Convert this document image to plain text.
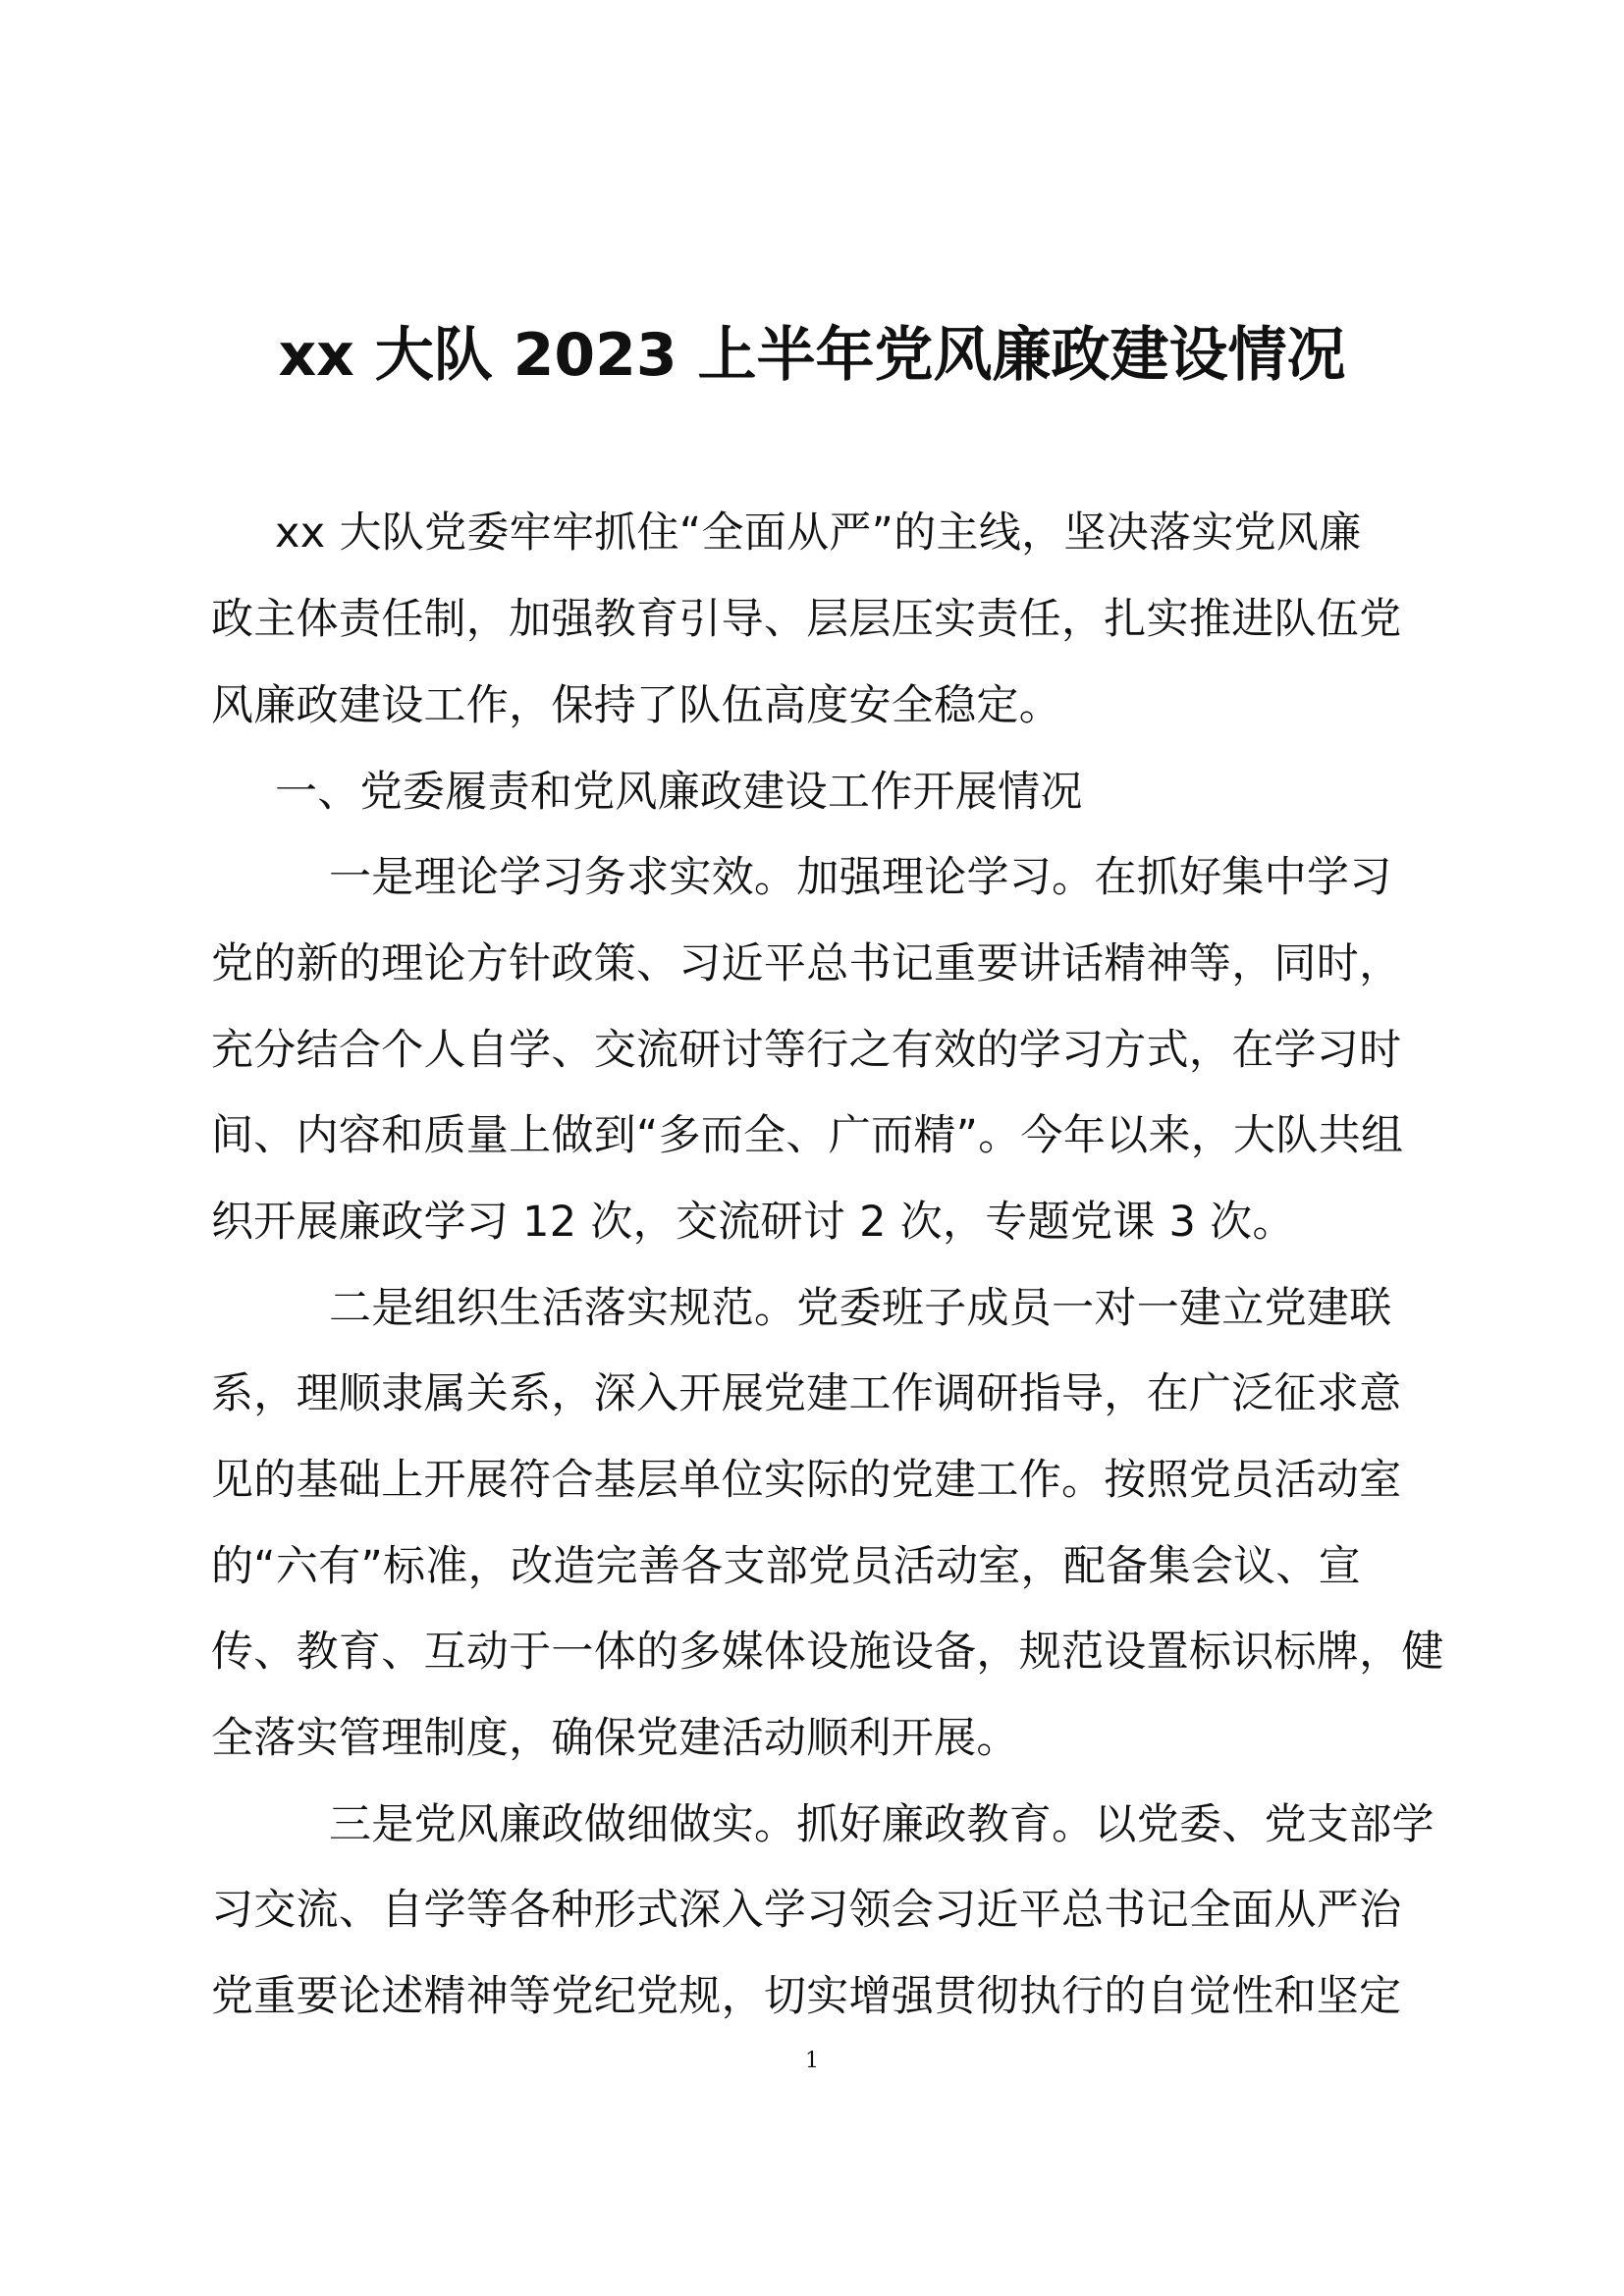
xx 大队 2023 上半年党风廉政建设情况
xx 大队党委牢牢抓住“全面从严”的主线，坚决落实党风廉
政主体责任制，加强教育引导、层层压实责任，扎实推进队伍党
风廉政建设工作，保持了队伍高度安全稳定。
一、党委履责和党风廉政建设工作开展情况
一是理论学习务求实效。加强理论学习。在抓好集中学习
党的新的理论方针政策、习近平总书记重要讲话精神等，同时，
充分结合个人自学、交流研讨等行之有效的学习方式，在学习时
间、内容和质量上做到“多而全、广而精”。今年以来，大队共组
织开展廉政学习 12 次，交流研讨 2 次，专题党课 3 次。
二是组织生活落实规范。党委班子成员一对一建立党建联
系，理顺隶属关系，深入开展党建工作调研指导，在广泛征求意
见的基础上开展符合基层单位实际的党建工作。按照党员活动室
的“六有”标准，改造完善各支部党员活动室，配备集会议、宣
传、教育、互动于一体的多媒体设施设备，规范设置标识标牌，健
全落实管理制度，确保党建活动顺利开展。
三是党风廉政做细做实。抓好廉政教育。以党委、党支部学
习交流、自学等各种形式深入学习领会习近平总书记全面从严治
党重要论述精神等党纪党规，切实增强贯彻执行的自觉性和坚定
1
